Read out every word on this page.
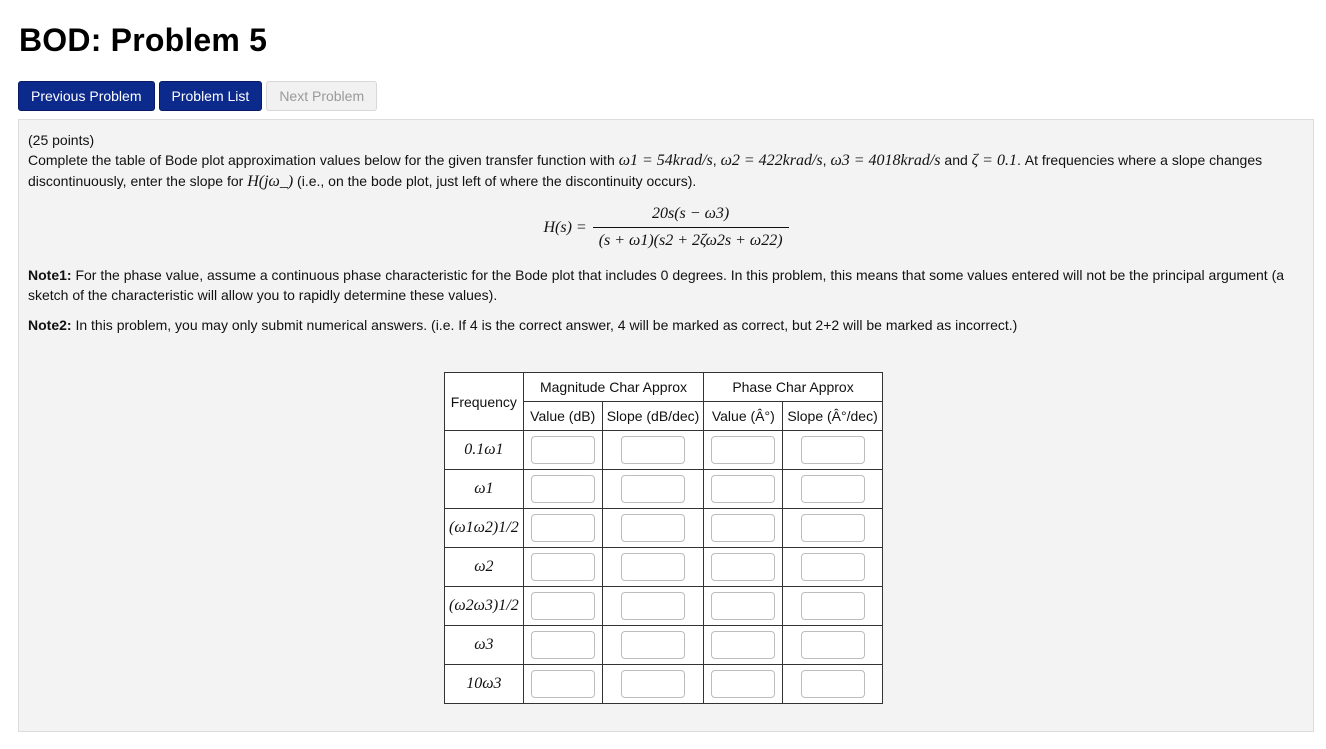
BOD: Problem 5
Previous Problem	Problem List	Next Problem

(25 points)

Complete the table of Bode plot approximation values below for the given transfer function with ω1 = 54krad/s, ω2 = 422krad/s, ω3 = 4018krad/s and ζ = 0.1. At frequencies where a slope changes discontinuously, enter the slope for H(jω_) (i.e., on the bode plot, just left of where the discontinuity occurs).

$H(s) = \frac{20s(s - \omega 3)}{(s + \omega 1)(s2 + 2\zeta\omega 2s + \omega 22)}$

Note1: For the phase value, assume a continuous phase characteristic for the Bode plot that includes 0 degrees. In this problem, this means that some values entered will not be the principal argument (a sketch of the characteristic will allow you to rapidly determine these values).

Note2: In this problem, you may only submit numerical answers. (i.e. If 4 is the correct answer, 4 will be marked as correct, but 2+2 will be marked as incorrect.)

Frequency	Magnitude Char Approx		Phase Char Approx	
	Value (dB)	Slope (dB/dec)	Value (Â°)	Slope (Â°/dec)
0.1ω1				
ω1				
(ω1ω2)1/2				
ω2				
(ω2ω3)1/2				
ω3				
10ω3				
